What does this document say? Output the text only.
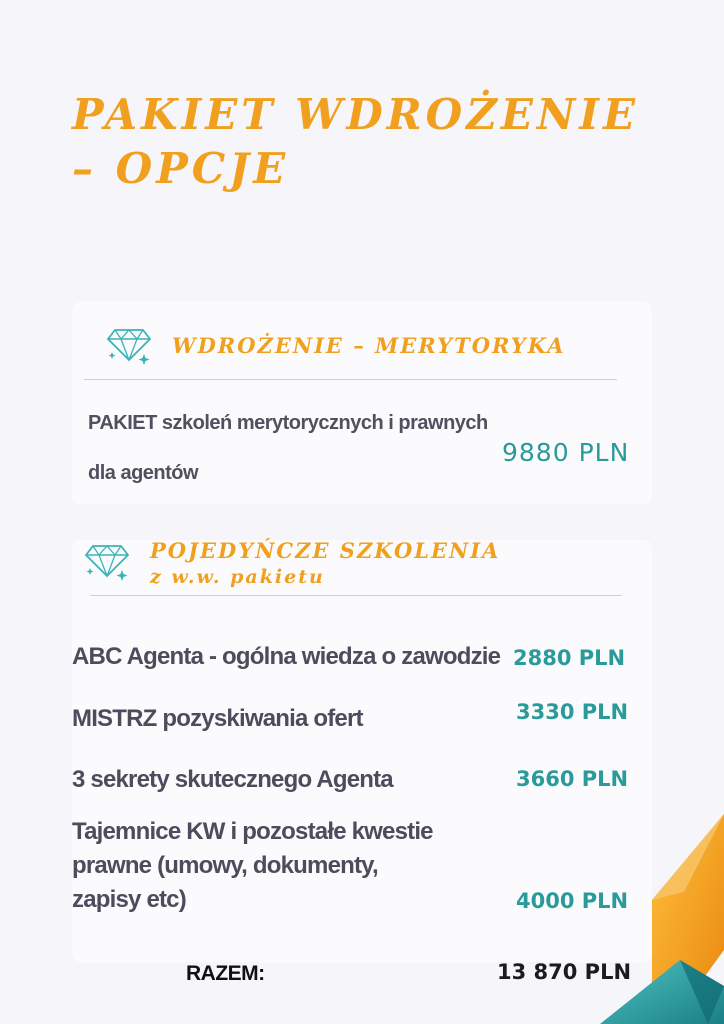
PAKIET WDROŻENIE – OPCJE
WDROŻENIE – MERYTORYKA
PAKIET szkoleń merytorycznych i prawnych
dla agentów
9880 PLN
POJEDYŃCZE SZKOLENIA
z w.w. pakietu
ABC Agenta - ogólna wiedza o zawodzie 2880 PLN
MISTRZ pozyskiwania ofert	3330 PLN
3 sekrety skutecznego Agenta	3660 PLN
Tajemnice KW i pozostałe kwestie
prawne (umowy, dokumenty,
zapisy etc)	4000 PLN
RAZEM:	13 870 PLN
